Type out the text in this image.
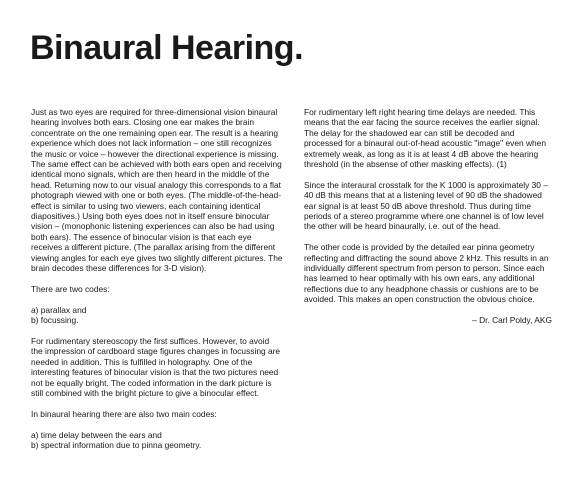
Binaural Hearing.

Just as two eyes are required for three-dimensional vision binaural hearing involves both ears. Closing one ear makes the brain concentrate on the one remaining open ear. The result is a hearing experience which does not lack information – one still recognizes the music or voice – however the directional experience is missing. The same effect can be achieved with both ears open and receiving identical mono signals, which are then heard in the middle of the head. Returning now to our visual analogy this corresponds to a flat photograph viewed with one or both eyes. (The middle-of-the-head-effect is similar to using two viewers, each containing identical diapositives.) Using both eyes does not in itself ensure binocular vision – (monophonic listening experiences can also be had using both ears). The essence of binocular vision is that each eye receives a different picture. (The parallax arising from the different viewing angles for each eye gives two slightly different pictures. The brain decodes these differences for 3-D vision).

There are two codes:

a) parallax and
b) focussing.

For rudimentary stereoscopy the first suffices. However, to avoid the impression of cardboard stage figures changes in focussing are needed in addition. This is fulfilled in holography. One of the interesting features of binocular vision is that the two pictures need not be equally bright. The coded information in the dark picture is still combined with the bright picture to give a binocular effect.

In binaural hearing there are also two main codes:

a) time delay between the ears and
b) spectral information due to pinna geometry.

For rudimentary left right hearing time delays are needed. This means that the ear facing the source receives the earlier signal. The delay for the shadowed ear can still be decoded and processed for a binaural out-of-head acoustic "image" even when extremely weak, as long as it is at least 4 dB above the hearing threshold (in the absense of other masking effects). (1)

Since the interaural crosstalk for the K 1000 is approximately 30 – 40 dB this means that at a listening level of 90 dB the shadowed ear signal is at least 50 dB above threshold. Thus during time periods of a stereo programme where one channel is of low level the other will be heard binaurally, i.e. out of the head.

The other code is provided by the detailed ear pinna geometry reflecting and diffracting the sound above 2 kHz. This results in an individually different spectrum from person to person. Since each has learned to hear optimally with his own ears, any additional reflections due to any headphone chassis or cushions are to be avoided. This makes an open construction the obvious choice.

– Dr. Carl Poldy, AKG
